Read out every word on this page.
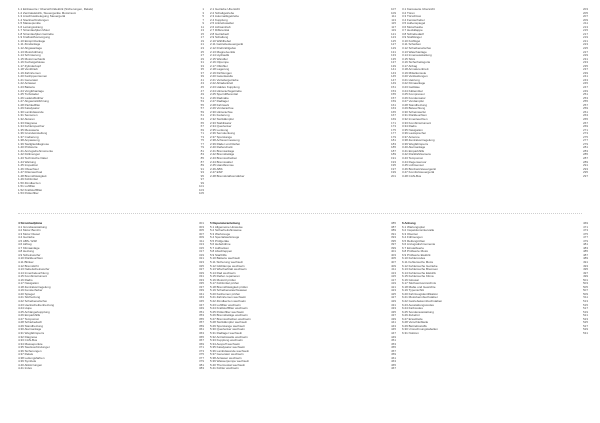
1.1 Einbauorte / Übersicht Elektrik (Sicherungen, Relais)	1
1.2 Zentralelektrik, Steuergeräte Motorraum	3
1.3 Anschlussbelegung Steuergerät	5
1.4 Steckverbindungen	7
1.5 Massepunkte	9
1.6 Leitungsstrang	11
1.7 Stromlaufplan Motor	13
1.8 Stromlaufplan Getriebe	15
1.9 Kraftstoffversorgung	17
1.10 Einspritzanlage	19
1.11 Zündanlage	21
1.12 Abgasanlage	23
1.13 Motorkühlung	25
1.14 Schmierung	27
1.15 Motormechanik	29
1.16 Kurbelgehäuse	31
1.17 Zylinderkopf	33
1.18 Ventiltrieb	35
1.19 Zahnriemen	37
1.20 Keilrippenriemen	39
1.21 Generator	41
1.22 Anlasser	43
1.23 Batterie	45
1.24 Vorglühanlage	47
1.25 Turbolader	49
1.26 Ladeluftkühler	51
1.27 Abgasrückführung	53
1.28 Partikelfilter	55
1.29 Katalysator	57
1.30 Lambdasonde	59
1.31 Sensoren	61
1.32 Aktoren	63
1.33 Diagnose	65
1.34 Fehlerspeicher	67
1.35 Messwerte	69
1.36 Grundeinstellung	71
1.37 Codierung	73
1.38 Anpassung	75
1.39 Stellglieddiagnose	77
1.40 Prüfwerte	79
1.41 Anzugsdrehmomente	81
1.42 Füllmengen	83
1.43 Technische Daten	85
1.44 Wartung	87
1.45 Inspektion	89
1.46 Ölwechsel	91
1.47 Filterwechsel	93
1.48 Bremsflüssigkeit	95
1.49 Kühlmittel	97
1.50 Zündkerzen	99
1.51 Luftfilter	101
1.52 Kraftstofffilter	103
1.53 Pollenfilter	105
2.1 Getriebe Übersicht	107
2.2 Schaltgetriebe	109
2.3 Automatikgetriebe	111
2.4 Kupplung	113
2.5 Antriebswellen	115
2.6 Achsantrieb	117
2.7 Differential	119
2.8 Getriebeöl	121
2.9 Schaltung	123
2.10 Wählhebel	125
2.11 Getriebesteuergerät	127
2.12 Drehzahlgeber	129
2.13 Magnetventile	131
2.14 Hydraulik	133
2.15 Wandler	135
2.16 Ölpumpe	137
2.17 Ölkühler	139
2.18 Lagerung	141
2.19 Dichtungen	143
2.20 Gelenkwelle	145
2.21 Verteilergetriebe	147
2.22 Allradantrieb	149
2.23 Haldex Kupplung	151
2.24 Hinterachsgetriebe	153
2.25 Sperrdifferential	155
2.26 Radnabe	157
2.27 Radlager	159
2.28 Fahrwerk	161
2.29 Vorderachse	163
2.30 Hinterachse	165
2.31 Federung	167
2.32 Stoßdämpfer	169
2.33 Stabilisator	171
2.34 Querlenker	173
2.35 Lenkung	175
2.36 Servolenkung	177
2.37 Spurstange	179
2.38 Achsvermessung	181
2.39 Räder und Reifen	183
2.40 Reifendruck	185
2.41 Bremsanlage	187
2.42 Bremsbeläge	189
2.43 Bremsscheiben	191
2.44 Bremssattel	193
2.45 Handbremse	195
2.46 ABS	197
2.47 ESP	199
2.48 Bremskraftverstärker	201
3.1 Karosserie Übersicht	203
3.2 Türen	205
3.3 Türschloss	207
3.4 Fensterheber	209
3.5 Außenspiegel	211
3.6 Motorhaube	213
3.7 Heckklappe	215
3.8 Schiebedach	217
3.9 Stoßfänger	219
3.10 Kotflügel	221
3.11 Scheiben	223
3.12 Scheibenwischer	225
3.13 Waschanlage	227
3.14 Innenausstattung	229
3.15 Sitze	231
3.16 Sicherheitsgurte	233
3.17 Airbag	235
3.18 Armaturenbrett	237
3.19 Mittelkonsole	239
3.20 Verkleidungen	241
3.21 Heizung	243
3.22 Klimaanlage	245
3.23 Gebläse	247
3.24 Kältemittel	249
3.25 Kompressor	251
3.26 Kondensator	253
3.27 Verdampfer	255
3.28 Standheizung	257
3.29 Beleuchtung	259
3.30 Scheinwerfer	261
3.31 Rückleuchten	263
3.32 Innenleuchten	265
3.33 Kombiinstrument	267
3.34 Radio	269
3.35 Navigation	271
3.36 Lautsprecher	273
3.37 Antenne	275
3.38 Zentralverriegelung	277
3.39 Wegfahrsperre	279
3.40 Alarmanlage	281
3.41 Einparkhilfe	283
3.42 Rückfahrkamera	285
3.43 Tempomat	287
3.44 Regensensor	289
3.45 Lichtsensor	291
3.46 Bordnetzsteuergerät	293
3.47 Komfortsteuergerät	295
3.48 CAN-Bus	297
4 Stromlaufpläne	301
4.1 Grundausstattung	303
4.2 Motor Benzin	305
4.3 Motor Diesel	307
4.4 Getriebe	309
4.5 ABS / ESP	311
4.6 Airbag	313
4.7 Klimaanlage	315
4.8 Heizung	317
4.9 Scheinwerfer	319
4.10 Rückleuchten	321
4.11 Blinker	323
4.12 Bremslicht	325
4.13 Nebelscheinwerfer	327
4.14 Innenbeleuchtung	329
4.15 Kombiinstrument	331
4.16 Radio	333
4.17 Navigation	335
4.18 Zentralverriegelung	337
4.19 Fensterheber	339
4.20 Spiegel	341
4.21 Sitzheizung	343
4.22 Scheibenwischer	345
4.23 Heckscheibenheizung	347
4.24 Hupe	349
4.25 Anhängerkupplung	351
4.26 Einparkhilfe	353
4.27 Tempomat	355
4.28 Schiebedach	357
4.29 Standheizung	359
4.30 Alarmanlage	361
4.31 Wegfahrsperre	363
4.32 Diagnose	365
4.33 CAN-Bus	367
4.34 Massepunkte	369
4.35 Steckverbindungen	371
4.36 Sicherungen	373
4.37 Relais	375
4.38 Leitungsfarben	377
4.39 Symbole	379
4.40 Abkürzungen	381
4.41 Index	383
5 Reparaturanleitung	385
5.1 Allgemeine Hinweise	387
5.2 Sicherheitshinweise	389
5.3 Werkzeuge	391
5.4 Spezialwerkzeuge	393
5.5 Prüfgeräte	395
5.6 Hebebühne	397
5.7 Aufbocken	399
5.8 Abschleppen	401
5.9 Starthilfe	403
5.10 Batterie wechseln	405
5.11 Sicherung wechseln	407
5.12 Glühlampe wechseln	409
5.13 Wischerblatt wechseln	411
5.14 Rad wechseln	413
5.15 Reifen reparieren	415
5.16 Motoröl prüfen	417
5.17 Kühlmittel prüfen	419
5.18 Bremsflüssigkeit prüfen	421
5.19 Scheibenwaschwasser	423
5.20 Keilriemen prüfen	425
5.21 Zahnriemen wechseln	427
5.22 Zündkerzen wechseln	429
5.23 Luftfilter wechseln	431
5.24 Kraftstofffilter wechseln	433
5.25 Pollenfilter wechseln	435
5.26 Bremsbeläge wechseln	437
5.27 Bremsscheiben wechseln	439
5.28 Stoßdämpfer wechseln	441
5.29 Spurstange wechseln	443
5.30 Querlenker wechseln	445
5.31 Radlager wechseln	447
5.32 Antriebswelle wechseln	449
5.33 Kupplung wechseln	451
5.34 Auspuff wechseln	453
5.35 Katalysator wechseln	455
5.36 Lambdasonde wechseln	457
5.37 Generator wechseln	459
5.38 Anlasser wechseln	461
5.39 Wasserpumpe wechseln	463
5.40 Thermostat wechseln	465
5.41 Kühler wechseln	467
6 Anhang	469
6.1 Wartungsplan	471
6.2 Inspektionsintervalle	473
6.3 Ölsorten	475
6.4 Füllmengen	477
6.5 Reifengrößen	479
6.6 Anzugsdrehmomente	481
6.7 Einstellwerte	483
6.8 Prüfwerte Motor	485
6.9 Prüfwerte Elektrik	487
6.10 Fehlercodes	489
6.11 Fehlersuche Motor	491
6.12 Fehlersuche Getriebe	493
6.13 Fehlersuche Bremsen	495
6.14 Fehlersuche Elektrik	497
6.15 Fehlersuche Klima	499
6.16 Glossar	501
6.17 Stichwortverzeichnis	503
6.18 Maße und Gewichte	505
6.19 Typenschild	507
6.20 Fahrzeugidentifikation	509
6.21 Motorkennbuchstaben	511
6.22 Getriebekennbuchstaben	513
6.23 Ausstattungscodes	515
6.24 Farbcodes	517
6.25 Sonderausstattung	519
6.26 Zubehör	521
6.27 Ersatzteile	523
6.28 Verschleißteile	525
6.29 Betriebsstoffe	527
6.30 Umrechnungstabellen	529
6.31 Notizen	531
